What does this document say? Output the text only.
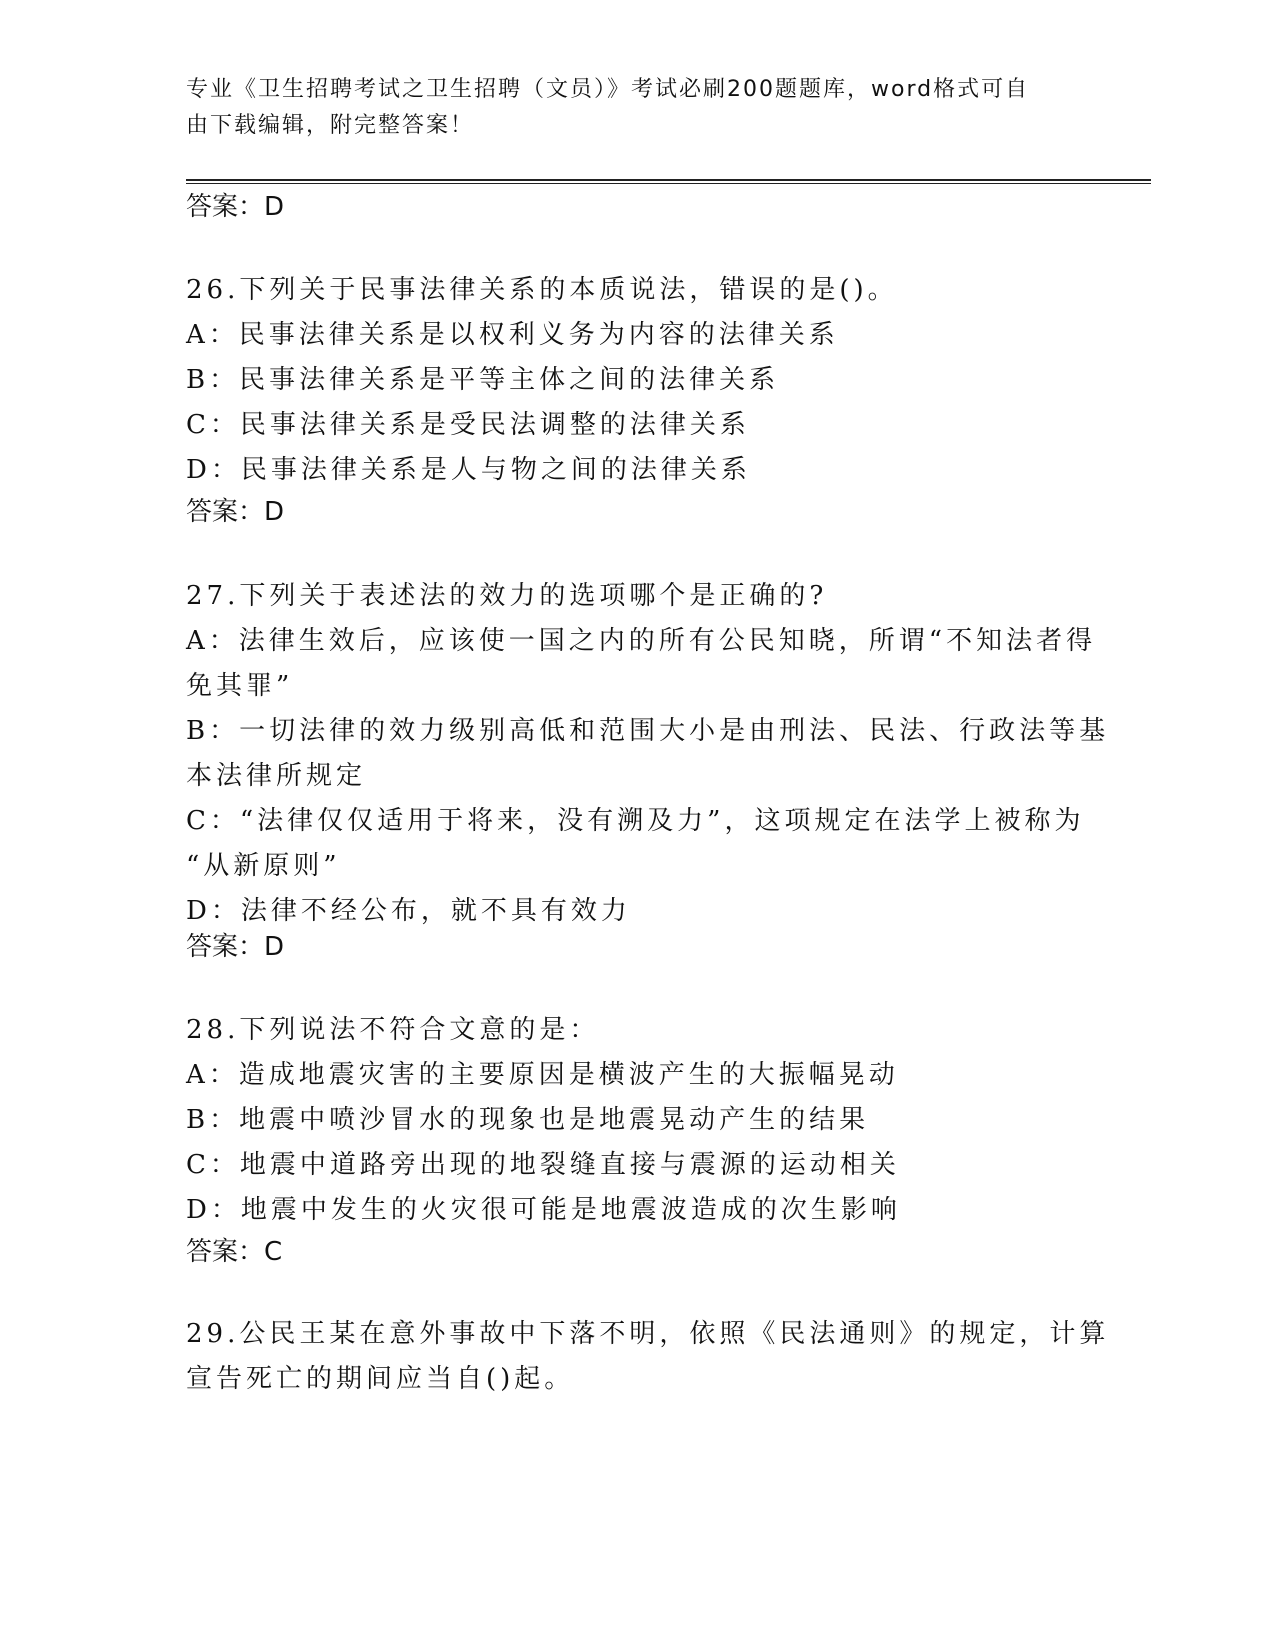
专业《卫生招聘考试之卫生招聘（文员）》考试必刷200题题库，word格式可自
由下载编辑，附完整答案！
答案：D
26.下列关于民事法律关系的本质说法，错误的是()。
A：民事法律关系是以权利义务为内容的法律关系
B：民事法律关系是平等主体之间的法律关系
C：民事法律关系是受民法调整的法律关系
D：民事法律关系是人与物之间的法律关系
答案：D
27.下列关于表述法的效力的选项哪个是正确的?
A：法律生效后，应该使一国之内的所有公民知晓，所谓“不知法者得
免其罪”
B：一切法律的效力级别高低和范围大小是由刑法、民法、行政法等基
本法律所规定
C：“法律仅仅适用于将来，没有溯及力”，这项规定在法学上被称为
“从新原则”
D：法律不经公布，就不具有效力
答案：D
28.下列说法不符合文意的是：
A：造成地震灾害的主要原因是横波产生的大振幅晃动
B：地震中喷沙冒水的现象也是地震晃动产生的结果
C：地震中道路旁出现的地裂缝直接与震源的运动相关
D：地震中发生的火灾很可能是地震波造成的次生影响
答案：C
29.公民王某在意外事故中下落不明，依照《民法通则》的规定，计算
宣告死亡的期间应当自()起。
